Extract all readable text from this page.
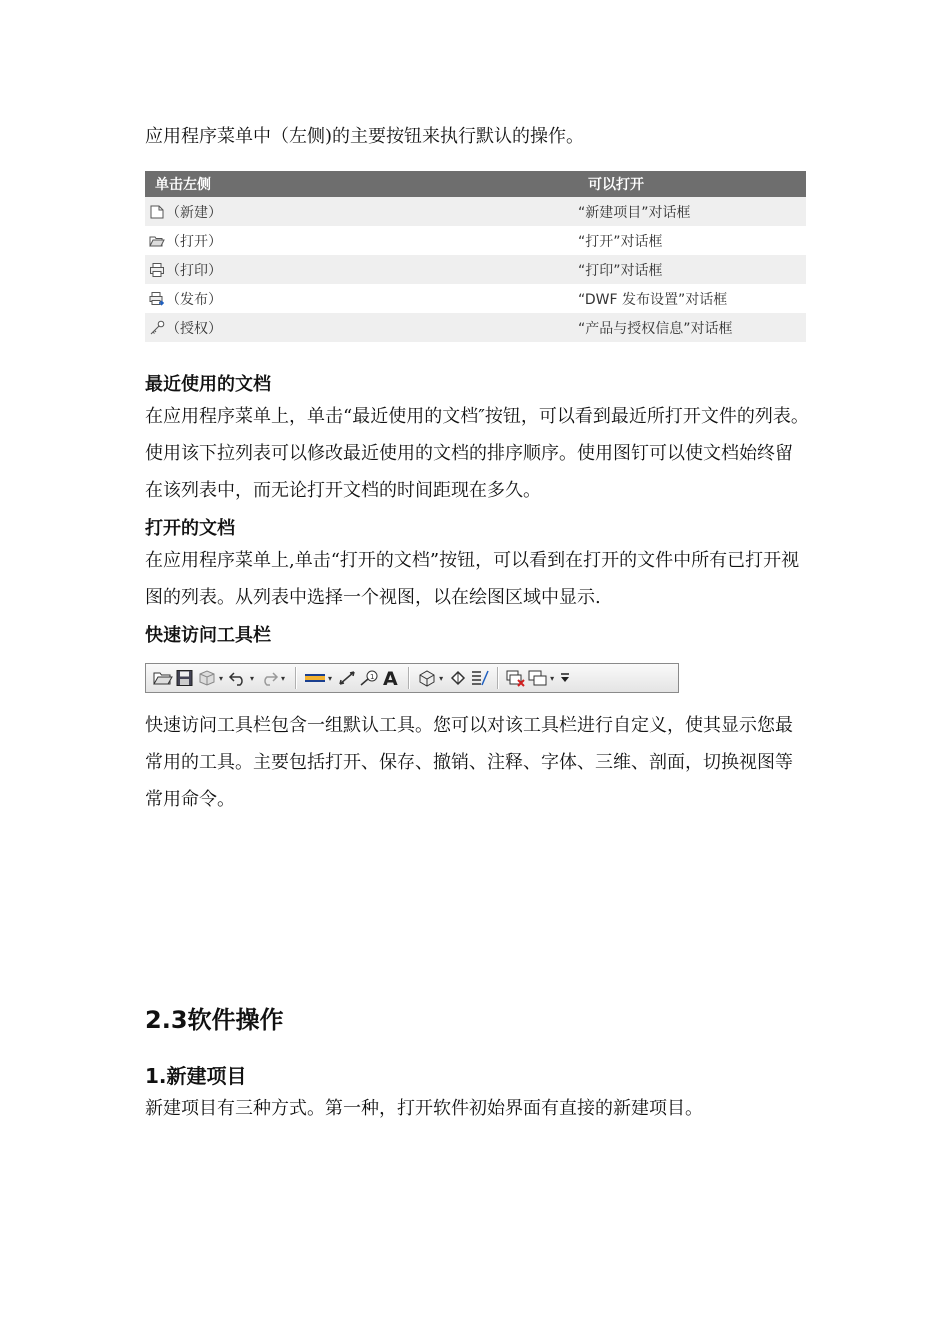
应用程序菜单中（左侧)的主要按钮来执行默认的操作。

单击左侧	可以打开
（新建）	“新建项目”对话框
（打开）	“打开”对话框
（打印）	“打印”对话框
（发布）	“DWF 发布设置”对话框
（授权）	“产品与授权信息”对话框
最近使用的文档

在应用程序菜单上，单击“最近使用的文档″按钮，可以看到最近所打开文件的列表。使用该下拉列表可以修改最近使用的文档的排序顺序。使用图钉可以使文档始终留在该列表中，而无论打开文档的时间距现在多久。

打开的文档

在应用程序菜单上,单击“打开的文档”按钮，可以看到在打开的文件中所有已打开视图的列表。从列表中选择一个视图，以在绘图区域中显示.

快速访问工具栏
▾	▾	▾	▾	1 A	▾	▾

快速访问工具栏包含一组默认工具。您可以对该工具栏进行自定义，使其显示您最常用的工具。主要包括打开、保存、撤销、注释、字体、三维、剖面，切换视图等常用命令。

2.3软件操作
1.新建项目

新建项目有三种方式。第一种，打开软件初始界面有直接的新建项目。
